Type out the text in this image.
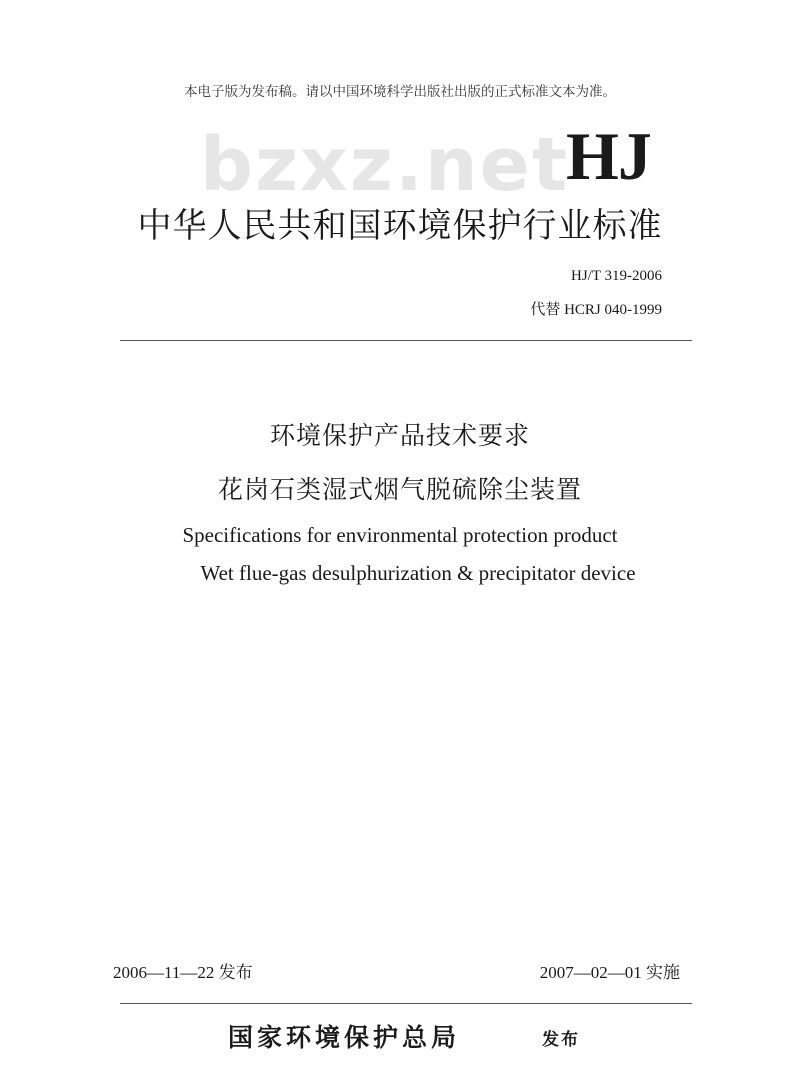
本电子版为发布稿。请以中国环境科学出版社出版的正式标准文本为准。
bzxz.net
HJ
中华人民共和国环境保护行业标准
HJ/T 319-2006
代替 HCRJ 040-1999
环境保护产品技术要求
花岗石类湿式烟气脱硫除尘装置
Specifications for environmental protection product
Wet flue-gas desulphurization & precipitator device
2006—11—22 发布	2007—02—01 实施
国家环境保护总局	发布
